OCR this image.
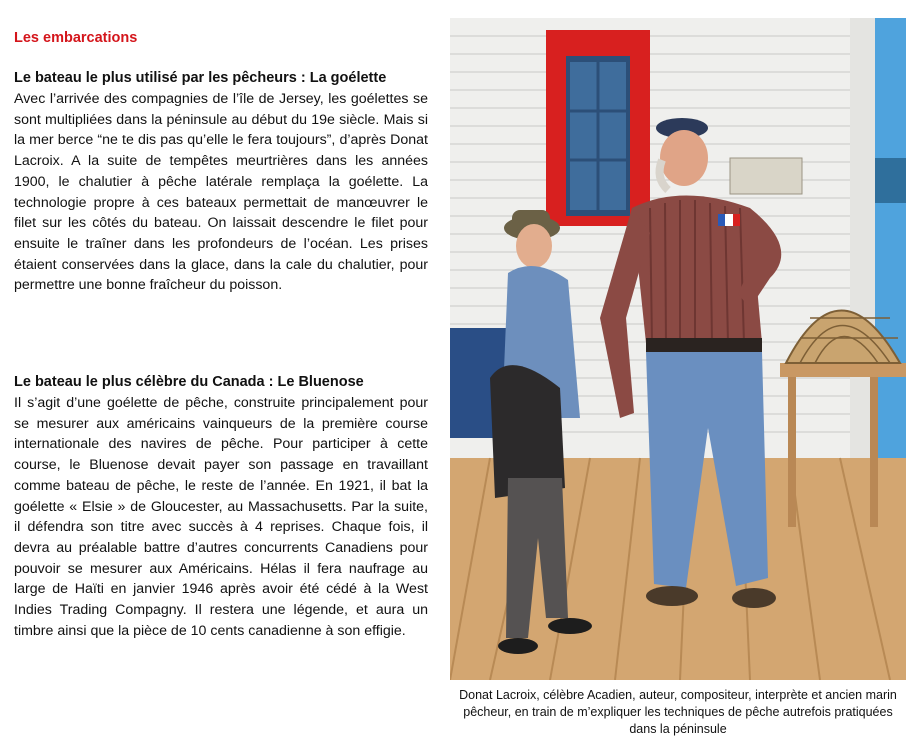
Les embarcations
Le bateau le plus utilisé par les pêcheurs : La goélette

Avec l’arrivée des compagnies de l’île de Jersey, les goélettes se sont multipliées dans la péninsule au début du 19e siècle. Mais si la mer berce “ne te dis pas qu’elle le fera toujours”, d’après Donat Lacroix. A la suite de tempêtes meurtrières dans les années 1900, le chalutier à pêche latérale remplaça la goélette. La technologie propre à ces bateaux permettait de manœuvrer le filet sur les côtés du bateau. On laissait descendre le filet pour ensuite le traîner dans les profondeurs de l’océan. Les prises étaient conservées dans la glace, dans la cale du chalutier, pour permettre une bonne fraîcheur du poisson.

Le bateau le plus célèbre du Canada : Le Bluenose

Il s’agit d’une goélette de pêche, construite principalement pour se mesurer aux américains vainqueurs de la première course internationale des navires de pêche. Pour participer à cette course, le Bluenose devait payer son passage en travaillant comme bateau de pêche, le reste de l’année. En 1921, il bat la goélette « Elsie » de Gloucester, au Massachusetts. Par la suite, il défendra son titre avec succès à 4 reprises. Chaque fois, il devra au préalable battre d’autres concurrents Canadiens pour pouvoir se mesurer aux Américains. Hélas il fera naufrage au large de Haïti en janvier 1946 après avoir été cédé à la West Indies Trading Compagny. Il restera une légende, et aura un timbre ainsi que la pièce de 10 cents canadienne à son effigie.

Donat Lacroix, célèbre Acadien, auteur, compositeur, interprète et ancien marin pêcheur, en train de m’expliquer les techniques de pêche autrefois pratiquées dans la péninsule
